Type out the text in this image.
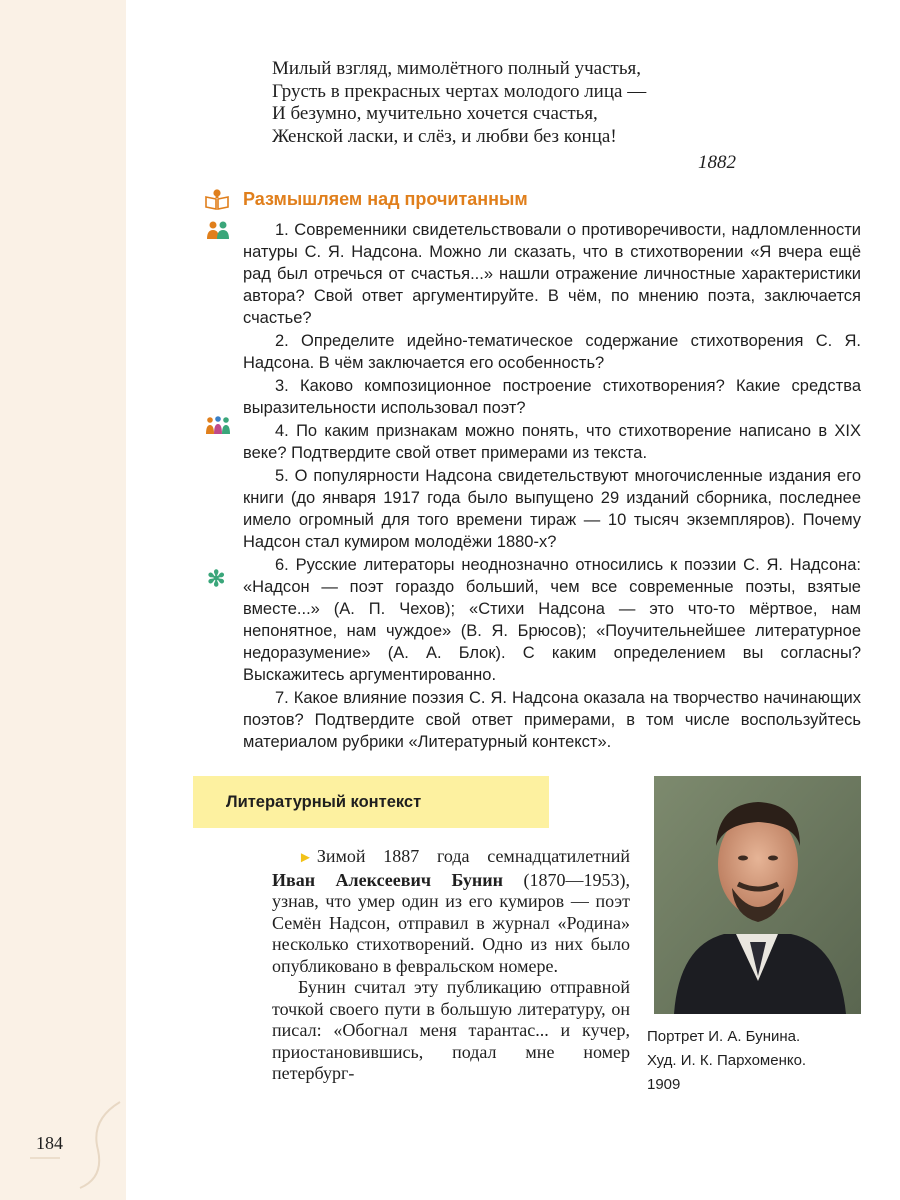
Милый взгляд, мимолётного полный участья,
Грусть в прекрасных чертах молодого лица —
И безумно, мучительно хочется счастья,
Женской ласки, и слёз, и любви без конца!
1882
Размышляем над прочитанным
✻

1. Современники свидетельствовали о противоречивости, надломленности натуры С. Я. Надсона. Можно ли сказать, что в стихотворении «Я вчера ещё рад был отречься от счастья...» нашли отражение личностные характеристики автора? Свой ответ аргументируйте. В чём, по мнению поэта, заключается счастье?

2. Определите идейно-тематическое содержание стихотворения С. Я. Надсона. В чём заключается его особенность?

3. Каково композиционное построение стихотворения? Какие средства выразительности использовал поэт?

4. По каким признакам можно понять, что стихотворение написано в XIX веке? Подтвердите свой ответ примерами из текста.

5. О популярности Надсона свидетельствуют многочисленные издания его книги (до января 1917 года было выпущено 29 изданий сборника, последнее имело огромный для того времени тираж — 10 тысяч экземпляров). Почему Надсон стал кумиром молодёжи 1880-х?

6. Русские литераторы неоднозначно относились к поэзии С. Я. Надсона: «Надсон — поэт гораздо больший, чем все современные поэты, взятые вместе...» (А. П. Чехов); «Стихи Надсона — это что-то мёртвое, нам непонятное, нам чуждое» (В. Я. Брюсов); «Поучительнейшее литературное недоразумение» (А. А. Блок). С каким определением вы согласны? Выскажитесь аргументированно.

7. Какое влияние поэзия С. Я. Надсона оказала на творчество начинающих поэтов? Подтвердите свой ответ примерами, в том числе воспользуйтесь материалом рубрики «Литературный контекст».

Литературный контекст

► Зимой 1887 года семнадцатилетний Иван Алексеевич Бунин (1870—1953), узнав, что умер один из его кумиров — поэт Семён Надсон, отправил в журнал «Родина» несколько стихотворений. Одно из них было опубликовано в февральском номере.

Бунин считал эту публикацию отправной точкой своего пути в большую литературу, он писал: «Обогнал меня тарантас... и кучер, приостановившись, подал мне номер петербург-

Портрет И. А. Бунина.
Худ. И. К. Пархоменко.
1909
184
